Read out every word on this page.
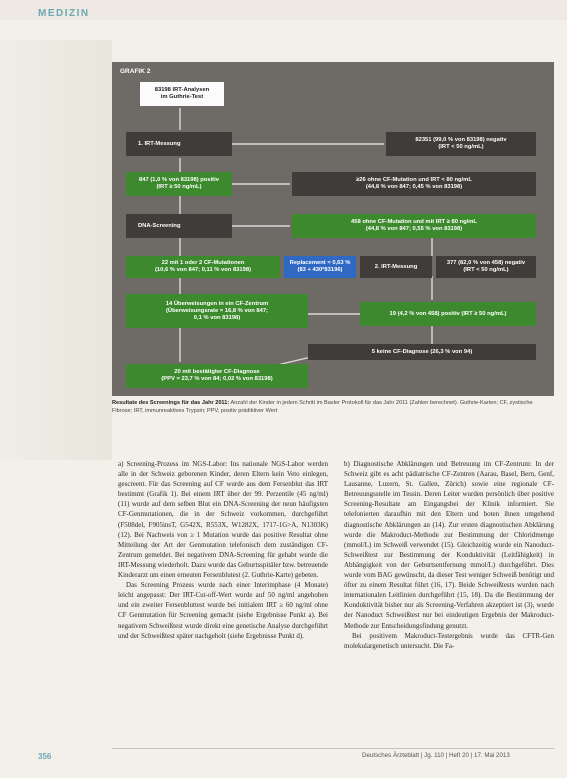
MEDIZIN
GRAFIK 2
83198 IRT-Analysen
im Guthrie-Test
1. IRT-Messung
82351 (99,0 % von 83198) negativ
(IRT < 50 ng/mL)
847 (1,0 % von 83198) positiv
(IRT ≥ 50 ng/mL)
≥26 ohne CF-Mutation und IRT < 80 ng/mL
(44,8 % von 847; 0,45 % von 83198)
DNA-Screening
458 ohne CF-Mutation und mit IRT ≥ 80 ng/mL
(44,8 % von 847; 0,55 % von 83198)
22 mit 1 oder 2 CF-Mutationen
(10,6 % von 847; 0,11 % von 83198)
Replacement = 0,63 %
(83 + 430*83196)
2. IRT-Messung
377 (82,0 % von 458) negativ
(IRT < 50 ng/mL)
14 Überweisungen in ein CF-Zentrum
(Überweisungsrate = 16,8 % von 847;
0,1 % von 83198)
19 (4,2 % von 458) positiv (IRT ≥ 50 ng/mL)
5 keine CF-Diagnose (26,3 % von 94)
20 mit bestätigter CF-Diagnose
(PPV = 23,7 % von 84; 0,02 % von 83198)
Resultate des Screenings für das Jahr 2011: Anzahl der Kinder in jedem Schritt im Basler Protokoll für das Jahr 2011 (Zahlen berechnet). Guthrie-Karten; CF, zystische Fibrose; IRT, immunreaktives Trypsin; PPV, positiv prädiktiver Wert

a) Screening-Prozess im NGS-Labor: Ins nationale NGS-Labor werden alle in der Schweiz geborenen Kinder, deren Eltern kein Veto einlegen, gescreent. Für das Screening auf CF wurde aus dem Fersenblut das IRT bestimmt (Grafik 1). Bei einem IRT über der 99. Perzentile (45 ng/ml) (11) wurde auf dem selben Blut ein DNA-Screening der neun häufigsten CF-Genmutationen, die in der Schweiz vorkommen, durchgeführt (F508del, F905insT, G542X, R553X, W1282X, 1717-1G>A, N1303K) (12). Bei Nachweis von ≥ 1 Mutation wurde das positive Resultat ohne Mitteilung der Art der Genmutation telefonisch dem zuständigen CF-Zentrum gemeldet. Bei negativem DNA-Screening für gehabt wurde die IRT-Messung wiederholt. Dazu wurde das Geburtsspitäler bzw. betreuende Kinderarzt um einen erneuten Fersenblutest (2. Guthrie-Karte) gebeten.

Das Screening Prozess wurde nach einer Interimphase (4 Monate) leicht angepasst: Der IRT-Cut-off-Wert wurde auf 50 ng/ml angehoben und ein zweiter Fersenbluttest wurde bei initialem IRT ≥ 60 ng/ml ohne CF Genmutation für Screening gemacht (siehe Ergebnisse Punkt a). Bei negativem Schweißtest wurde direkt eine genetische Analyse durchgeführt und der Schweißtest später nachgeholt (siehe Ergebnisse Punkt d).

b) Diagnostische Abklärungen und Betreuung im CF-Zentrum: In der Schweiz gibt es acht pädiatrische CF-Zentren (Aarau, Basel, Bern, Genf, Lausanne, Luzern, St. Gallen, Zürich) sowie eine regionale CF-Betreuungsstelle im Tessin. Deren Leiter wurden persönlich über positive Screening-Resultate am Eingangsbei der Klinik informiert. Sie telefonierten daraufhin mit den Eltern und boten ihnen umgehend diagnostische Abklärungen an (14). Zur ersten diagnostischen Abklärung wurde die Makroduct-Methode zur Bestimmung der Chloridmenge (mmol/L) im Schweiß verwendet (15). Gleichzeitig wurde ein Nanoduct-Schweißtest zur Bestimmung der Konduktivität (Leitfähigkeit) in Abhängigkeit von der Geburtsentfernung mmol/L) durchgeführt. Dies wurde vom BAG gewünscht, da dieser Test weniger Schweiß benötigt und öfter zu einem Resultat führt (16, 17). Beide Schweißtests wurden nach internationalen Leitlinien durchgeführt (15, 18). Da die Bestimmung der Konduktivität bisher nur als Screening-Verfahren akzeptiert ist (3), wurde der Nanoduct Schweißtest nur bei eindeutigen Ergebnis der Makroduct-Methode zur Entscheidungsfindung genutzt.

Bei positivem Makroduct-Testergebnis wurde das CFTR-Gen molekulargenetisch untersucht. Die Fa-

356	Deutsches Ärzteblatt | Jg. 110 | Heft 20 | 17. Mai 2013
